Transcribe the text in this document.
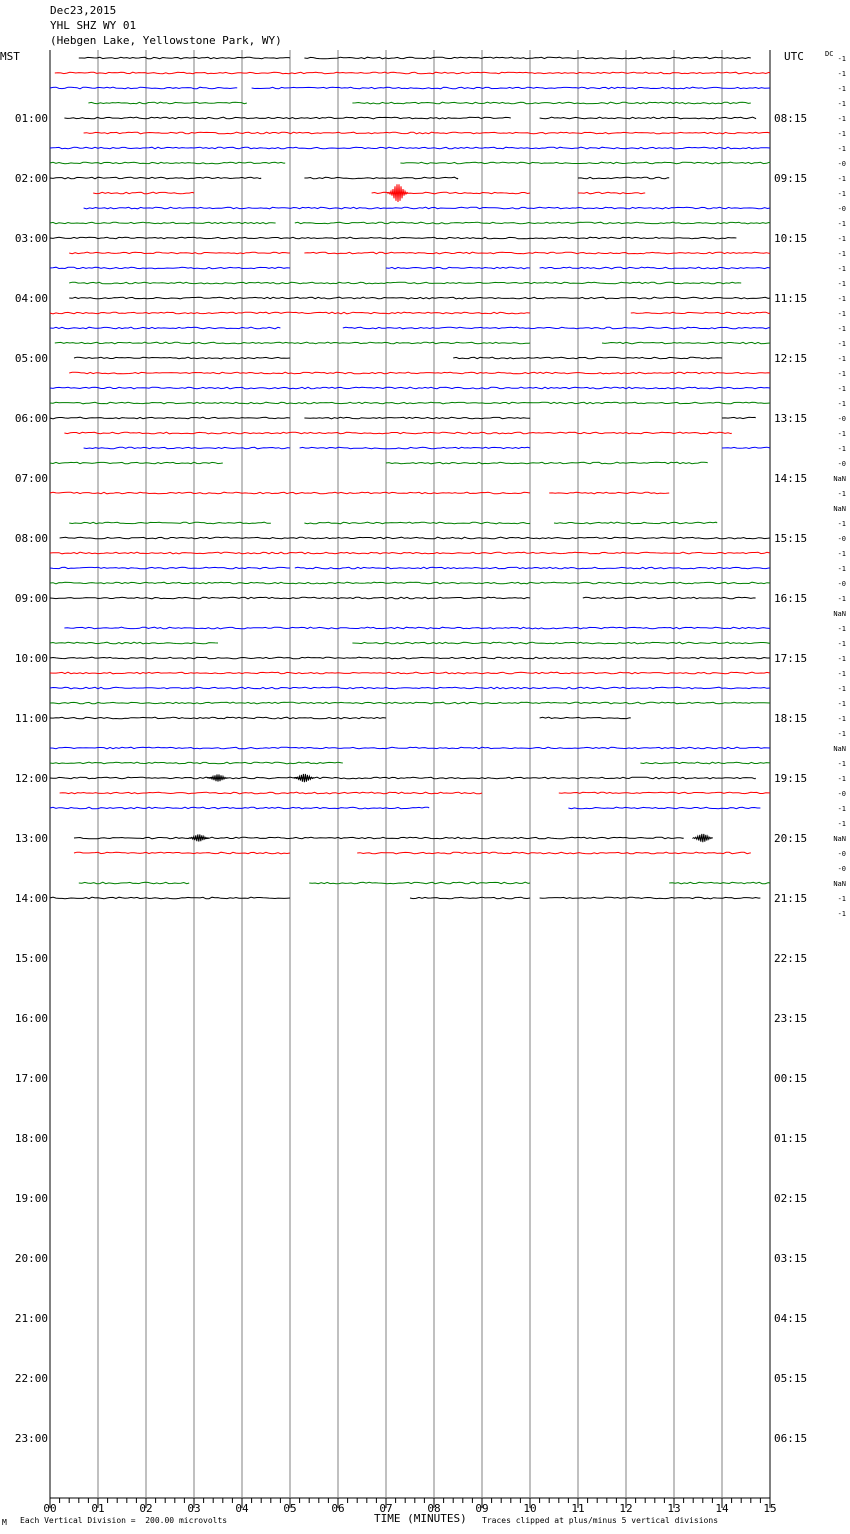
Dec23,2015
YHL SHZ WY 01
(Hebgen Lake, Yellowstone Park, WY)
MST	UTC
00	01	02	03	04	05	06	07	08	09	10	11	12	13	14	15
01:00
02:00
03:00
04:00
05:00
06:00
07:00
08:00
09:00
10:00
11:00
12:00
13:00
14:00
15:00
16:00
17:00
18:00
19:00
20:00
21:00
22:00
23:00
08:15
09:15
10:15
11:15
12:15
13:15
14:15
15:15
16:15
17:15
18:15
19:15
20:15
21:15
22:15
23:15
00:15
01:15
02:15
03:15
04:15
05:15
06:15
DC
-1
-1
-1
-1
-1
-1
-1
-0
-1
-1
-0
-1
-1
-1
-1
-1
-1
-1
-1
-1
-1
-1
-1
-1
-0
-1
-1
-0
NaN
-1
NaN
-1
-0
-1
-1
-0
-1
NaN
-1
-1
-1
-1
-1
-1
-1
-1
NaN
-1
-1
-0
-1
-1
NaN
-0
-0
NaN
-1
-1
M Each Vertical Division =  200.00 microvolts	TIME (MINUTES) Traces clipped at plus/minus 5 vertical divisions
